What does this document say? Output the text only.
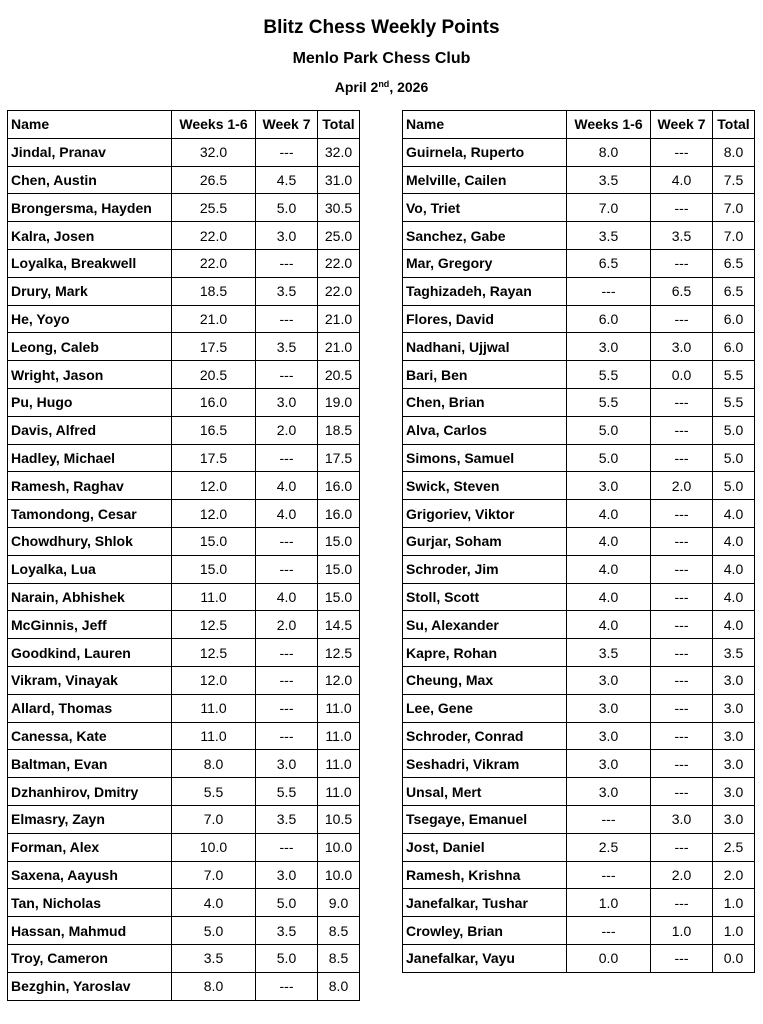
Blitz Chess Weekly Points
Menlo Park Chess Club
April 2nd, 2026
Name	Weeks 1-6	Week 7	Total
Jindal, Pranav	32.0	---	32.0
Chen, Austin	26.5	4.5	31.0
Brongersma, Hayden	25.5	5.0	30.5
Kalra, Josen	22.0	3.0	25.0
Loyalka, Breakwell	22.0	---	22.0
Drury, Mark	18.5	3.5	22.0
He, Yoyo	21.0	---	21.0
Leong, Caleb	17.5	3.5	21.0
Wright, Jason	20.5	---	20.5
Pu, Hugo	16.0	3.0	19.0
Davis, Alfred	16.5	2.0	18.5
Hadley, Michael	17.5	---	17.5
Ramesh, Raghav	12.0	4.0	16.0
Tamondong, Cesar	12.0	4.0	16.0
Chowdhury, Shlok	15.0	---	15.0
Loyalka, Lua	15.0	---	15.0
Narain, Abhishek	11.0	4.0	15.0
McGinnis, Jeff	12.5	2.0	14.5
Goodkind, Lauren	12.5	---	12.5
Vikram, Vinayak	12.0	---	12.0
Allard, Thomas	11.0	---	11.0
Canessa, Kate	11.0	---	11.0
Baltman, Evan	8.0	3.0	11.0
Dzhanhirov, Dmitry	5.5	5.5	11.0
Elmasry, Zayn	7.0	3.5	10.5
Forman, Alex	10.0	---	10.0
Saxena, Aayush	7.0	3.0	10.0
Tan, Nicholas	4.0	5.0	9.0
Hassan, Mahmud	5.0	3.5	8.5
Troy, Cameron	3.5	5.0	8.5
Bezghin, Yaroslav	8.0	---	8.0
Name	Weeks 1-6	Week 7	Total
Guirnela, Ruperto	8.0	---	8.0
Melville, Cailen	3.5	4.0	7.5
Vo, Triet	7.0	---	7.0
Sanchez, Gabe	3.5	3.5	7.0
Mar, Gregory	6.5	---	6.5
Taghizadeh, Rayan	---	6.5	6.5
Flores, David	6.0	---	6.0
Nadhani, Ujjwal	3.0	3.0	6.0
Bari, Ben	5.5	0.0	5.5
Chen, Brian	5.5	---	5.5
Alva, Carlos	5.0	---	5.0
Simons, Samuel	5.0	---	5.0
Swick, Steven	3.0	2.0	5.0
Grigoriev, Viktor	4.0	---	4.0
Gurjar, Soham	4.0	---	4.0
Schroder, Jim	4.0	---	4.0
Stoll, Scott	4.0	---	4.0
Su, Alexander	4.0	---	4.0
Kapre, Rohan	3.5	---	3.5
Cheung, Max	3.0	---	3.0
Lee, Gene	3.0	---	3.0
Schroder, Conrad	3.0	---	3.0
Seshadri, Vikram	3.0	---	3.0
Unsal, Mert	3.0	---	3.0
Tsegaye, Emanuel	---	3.0	3.0
Jost, Daniel	2.5	---	2.5
Ramesh, Krishna	---	2.0	2.0
Janefalkar, Tushar	1.0	---	1.0
Crowley, Brian	---	1.0	1.0
Janefalkar, Vayu	0.0	---	0.0
